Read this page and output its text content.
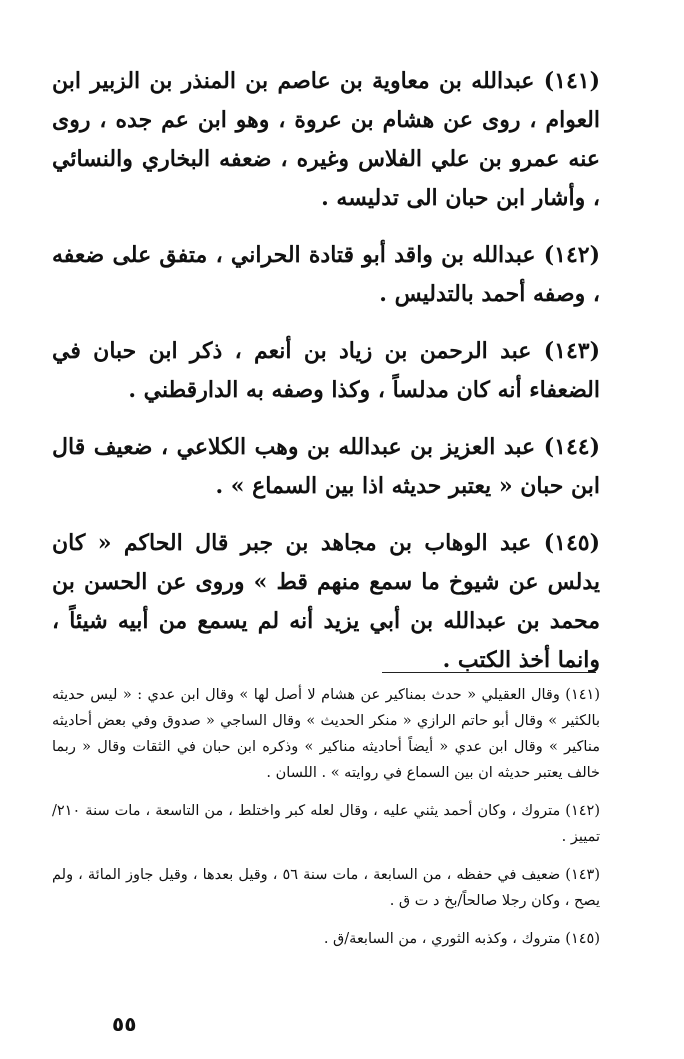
(١٤١) عبدالله بن معاوية بن عاصم بن المنذر بن الزبير ابن العوام ، روى عن هشام بن عروة ، وهو ابن عم جده ، روى عنه عمرو بن علي الفلاس وغيره ، ضعفه البخاري والنسائي ، وأشار ابن حبان الى تدليسه .

(١٤٢) عبدالله بن واقد أبو قتادة الحراني ، متفق على ضعفه ، وصفه أحمد بالتدليس .

(١٤٣) عبد الرحمن بن زياد بن أنعم ، ذكر ابن حبان في الضعفاء أنه كان مدلساً ، وكذا وصفه به الدارقطني .

(١٤٤) عبد العزيز بن عبدالله بن وهب الكلاعي ، ضعيف قال ابن حبان « يعتبر حديثه اذا بين السماع » .

(١٤٥) عبد الوهاب بن مجاهد بن جبر قال الحاكم « كان يدلس عن شيوخ ما سمع منهم قط » وروى عن الحسن بن محمد بن عبدالله بن أبي يزيد أنه لم يسمع من أبيه شيئاً ، وانما أخذ الكتب .

(١٤١) وقال العقيلي « حدث بمناكير عن هشام لا أصل لها » وقال ابن عدي : « ليس حديثه بالكثير » وقال أبو حاتم الرازي « منكر الحديث » وقال الساجي « صدوق وفي بعض أحاديثه مناكير » وقال ابن عدي « أيضاً أحاديثه مناكير » وذكره ابن حبان في الثقات وقال « ربما خالف يعتبر حديثه ان بين السماع في روايته » . اللسان .

(١٤٢) متروك ، وكان أحمد يثني عليه ، وقال لعله كبر واختلط ، من التاسعة ، مات سنة ٢١٠/تمييز .

(١٤٣) ضعيف في حفظه ، من السابعة ، مات سنة ٥٦ ، وقيل بعدها ، وقيل جاوز المائة ، ولم يصح ، وكان رجلا صالحاً/بخ د ت ق .

(١٤٥) متروك ، وكذبه الثوري ، من السابعة/ق .

٥٥
